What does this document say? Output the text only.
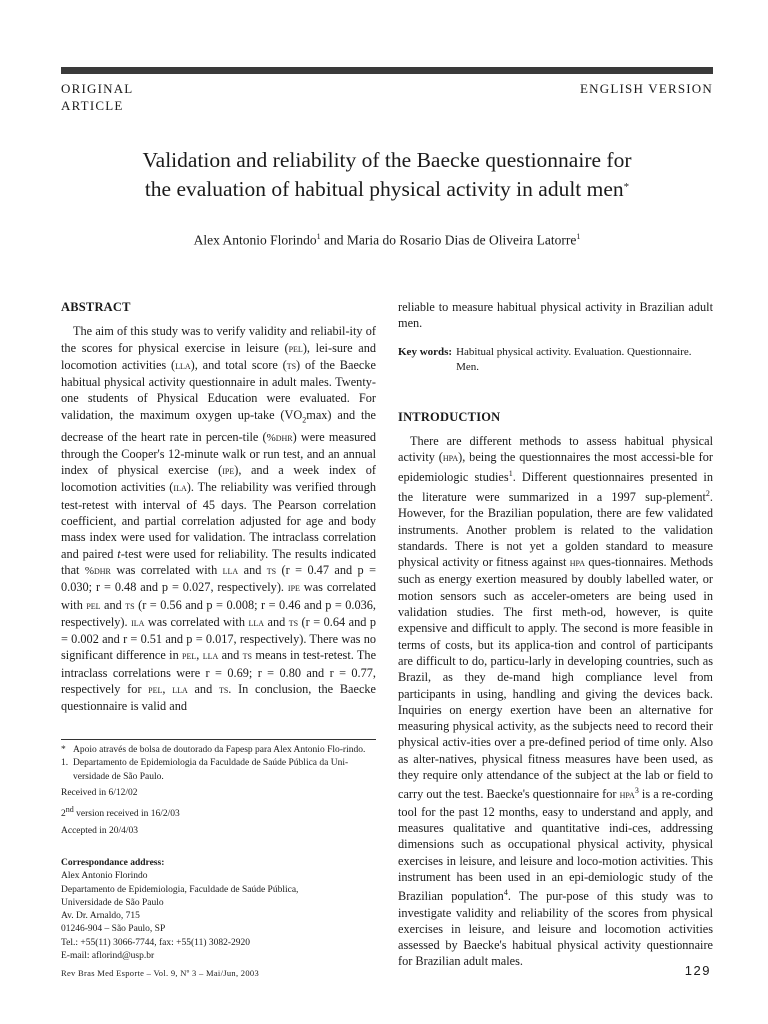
ORIGINAL
ARTICLE
ENGLISH VERSION
Validation and reliability of the Baecke questionnaire for
the evaluation of habitual physical activity in adult men*
Alex Antonio Florindo$^1$ and Maria do Rosario Dias de Oliveira Latorre$^1$
ABSTRACT

The aim of this study was to verify validity and reliabil-ity of the scores for physical exercise in leisure (pel), lei-sure and locomotion activities (lla), and total score (ts) of the Baecke habitual physical activity questionnaire in adult males. Twenty-one students of Physical Education were evaluated. For validation, the maximum oxygen up-take $(VO_2\max)$ and the decrease of the heart rate in percen-tile (%dhr) were measured through the Cooper's 12-minute walk or run test, and an annual index of physical exercise (ipe), and a week index of locomotion activities (ila). The reliability was verified through test-retest with interval of 45 days. The Pearson correlation coefficient, and partial correlation adjusted for age and body mass index were used for validation. The intraclass correlation and paired t-test were used for reliability. The results indicated that %dhr was correlated with lla and ts (r = 0.47 and p = 0.030; r = 0.48 and p = 0.027, respectively). ipe was correlated with pel and ts (r = 0.56 and p = 0.008; r = 0.46 and p = 0.036, respectively). ila was correlated with lla and ts (r = 0.64 and p = 0.002 and r = 0.51 and p = 0.017, respectively). There was no significant difference in pel, lla and ts means in test-retest. The intraclass correlations were r = 0.69; r = 0.80 and r = 0.77, respectively for pel, lla and ts. In conclusion, the Baecke questionnaire is valid and

* Apoio através de bolsa de doutorado da Fapesp para Alex Antonio Flo-rindo.
1. Departamento de Epidemiologia da Faculdade de Saúde Pública da Uni-versidade de São Paulo.
Received in 6/12/02
2nd version received in 16/2/03
Accepted in 20/4/03
Correspondance address:
Alex Antonio Florindo
Departamento de Epidemiologia, Faculdade de Saúde Pública,
Universidade de São Paulo
Av. Dr. Arnaldo, 715
01246-904 – São Paulo, SP
Tel.: +55(11) 3066-7744, fax: +55(11) 3082-2920
E-mail: aflorind@usp.br

reliable to measure habitual physical activity in Brazilian adult men.

Key words: Habitual physical activity. Evaluation. Questionnaire. Men.
INTRODUCTION

There are different methods to assess habitual physical activity (hpa), being the questionnaires the most accessi-ble for epidemiologic studies$^1$. Different questionnaires presented in the literature were summarized in a 1997 sup-plement$^2$. However, for the Brazilian population, there are few validated instruments. Another problem is related to the validation standards. There is not yet a golden standard to measure physical activity or fitness against hpa ques-tionnaires. Methods such as energy exertion measured by doubly labelled water, or motion sensors such as acceler-ometers are being used in validation studies. The first meth-od, however, is quite expensive and difficult to apply. The second is more feasible in terms of costs, but its applica-tion and control of participants are difficult to do, particu-larly in developing countries, such as Brazil, as they de-mand high compliance level from participants in using, handling and giving the devices back. Inquiries on energy exertion have been an alternative for measuring physical activity, as the subjects need to record their physical activ-ities over a pre-defined period of time only. Also as alter-natives, physical fitness measures have been used, as they require only attendance of the subject at the lab or field to carry out the test. Baecke's questionnaire for hpa$^3$ is a re-cording tool for the past 12 months, easy to understand and apply, and measures qualitative and quantitative indi-ces, addressing dimensions such as occupational physical activity, physical exercises in leisure, and leisure and loco-motion activities. This instrument has been used in an epi-demiologic study of the Brazilian population$^4$. The pur-pose of this study was to investigate validity and reliability of the scores from physical exercises in leisure, and leisure and locomotion activities assessed by Baecke's habitual physical activity questionnaire for Brazilian adult males.

Rev Bras Med Esporte – Vol. 9, Nº 3 – Mai/Jun, 2003	129
